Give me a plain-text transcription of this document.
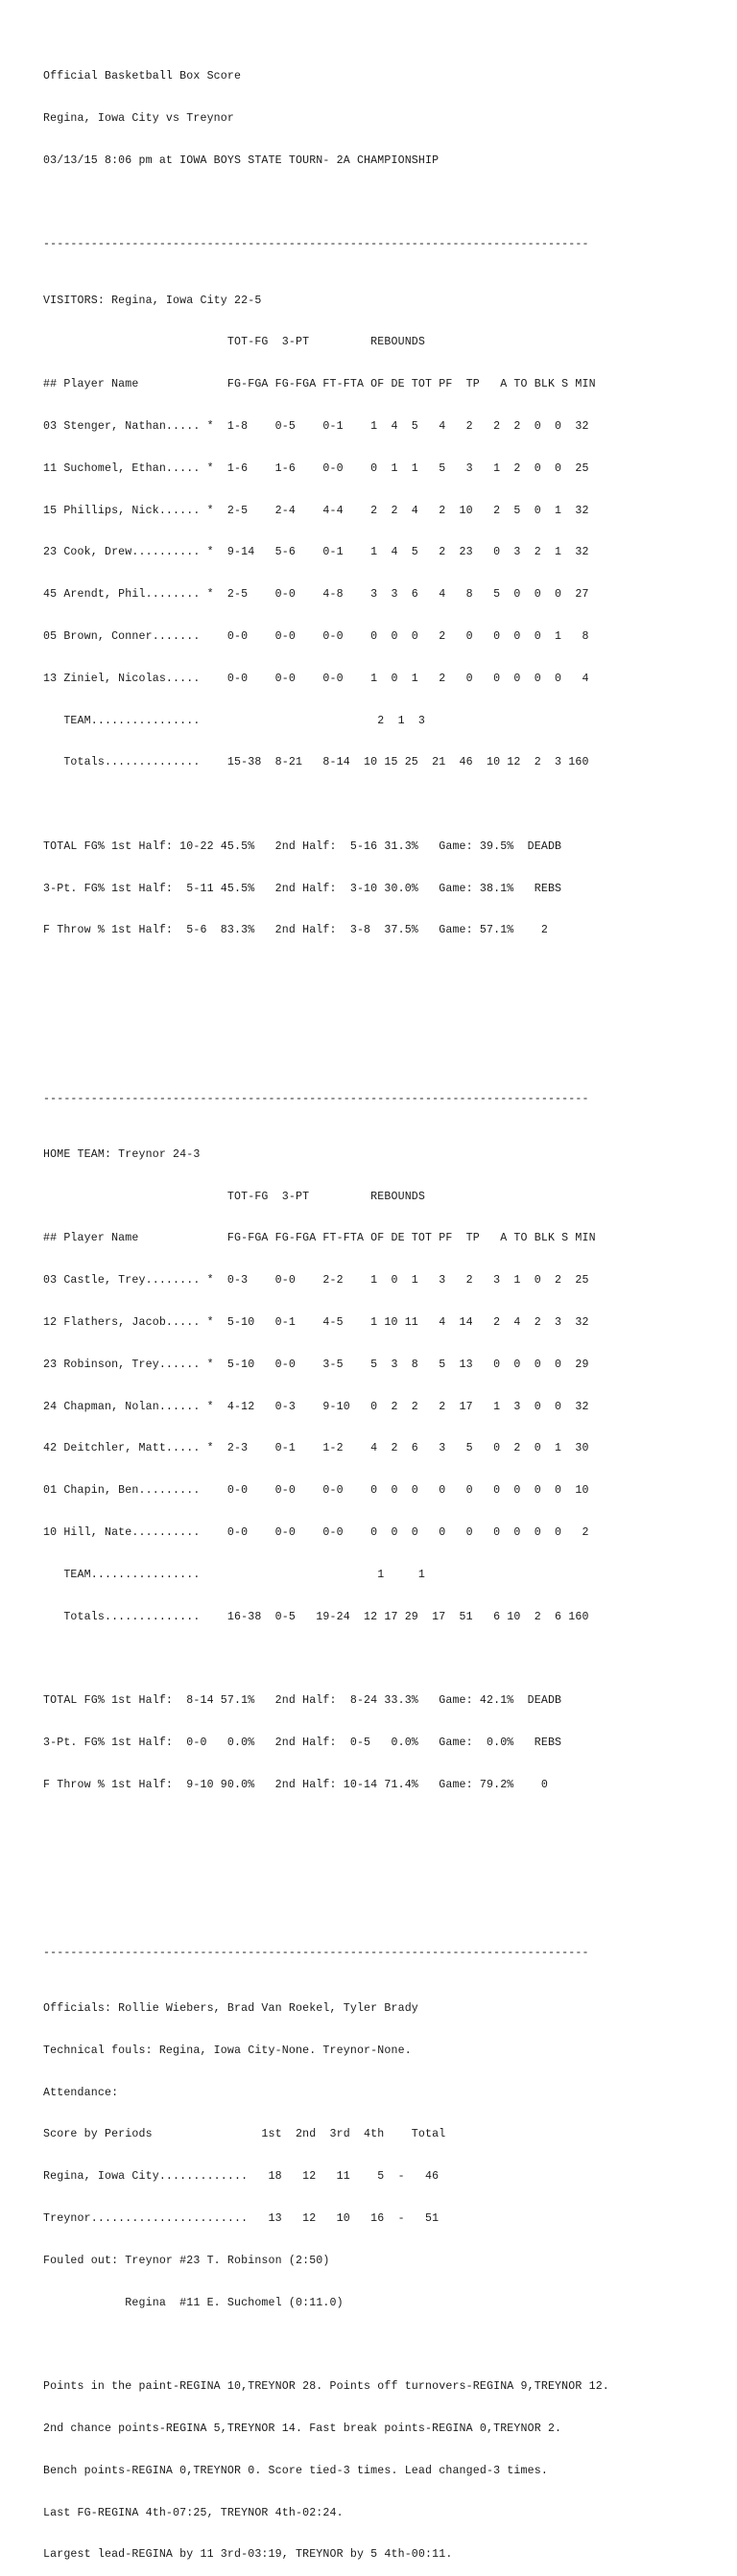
Official Basketball Box Score

Regina, Iowa City vs Treynor

03/13/15 8:06 pm at IOWA BOYS STATE TOURN- 2A CHAMPIONSHIP

--------------------------------------------------------------------------------

VISITORS: Regina, Iowa City 22-5

TOT-FG  3-PT         REBOUNDS

## Player Name             FG-FGA FG-FGA FT-FTA OF DE TOT PF  TP   A TO BLK S MIN

03 Stenger, Nathan..... *  1-8    0-5    0-1    1  4  5   4   2   2  2  0  0  32

11 Suchomel, Ethan..... *  1-6    1-6    0-0    0  1  1   5   3   1  2  0  0  25

15 Phillips, Nick...... *  2-5    2-4    4-4    2  2  4   2  10   2  5  0  1  32

23 Cook, Drew.......... *  9-14   5-6    0-1    1  4  5   2  23   0  3  2  1  32

45 Arendt, Phil........ *  2-5    0-0    4-8    3  3  6   4   8   5  0  0  0  27

05 Brown, Conner.......    0-0    0-0    0-0    0  0  0   2   0   0  0  0  1   8

13 Ziniel, Nicolas.....    0-0    0-0    0-0    1  0  1   2   0   0  0  0  0   4

TEAM................                          2  1  3

Totals..............    15-38  8-21   8-14  10 15 25  21  46  10 12  2  3 160

TOTAL FG% 1st Half: 10-22 45.5%   2nd Half:  5-16 31.3%   Game: 39.5%  DEADB

3-Pt. FG% 1st Half:  5-11 45.5%   2nd Half:  3-10 30.0%   Game: 38.1%   REBS

F Throw % 1st Half:  5-6  83.3%   2nd Half:  3-8  37.5%   Game: 57.1%    2

--------------------------------------------------------------------------------

HOME TEAM: Treynor 24-3

TOT-FG  3-PT         REBOUNDS

## Player Name             FG-FGA FG-FGA FT-FTA OF DE TOT PF  TP   A TO BLK S MIN

03 Castle, Trey........ *  0-3    0-0    2-2    1  0  1   3   2   3  1  0  2  25

12 Flathers, Jacob..... *  5-10   0-1    4-5    1 10 11   4  14   2  4  2  3  32

23 Robinson, Trey...... *  5-10   0-0    3-5    5  3  8   5  13   0  0  0  0  29

24 Chapman, Nolan...... *  4-12   0-3    9-10   0  2  2   2  17   1  3  0  0  32

42 Deitchler, Matt..... *  2-3    0-1    1-2    4  2  6   3   5   0  2  0  1  30

01 Chapin, Ben.........    0-0    0-0    0-0    0  0  0   0   0   0  0  0  0  10

10 Hill, Nate..........    0-0    0-0    0-0    0  0  0   0   0   0  0  0  0   2

TEAM................                          1     1

Totals..............    16-38  0-5   19-24  12 17 29  17  51   6 10  2  6 160

TOTAL FG% 1st Half:  8-14 57.1%   2nd Half:  8-24 33.3%   Game: 42.1%  DEADB

3-Pt. FG% 1st Half:  0-0   0.0%   2nd Half:  0-5   0.0%   Game:  0.0%   REBS

F Throw % 1st Half:  9-10 90.0%   2nd Half: 10-14 71.4%   Game: 79.2%    0

--------------------------------------------------------------------------------

Officials: Rollie Wiebers, Brad Van Roekel, Tyler Brady

Technical fouls: Regina, Iowa City-None. Treynor-None.

Attendance:

Score by Periods                1st  2nd  3rd  4th    Total

Regina, Iowa City.............   18   12   11    5  -   46

Treynor.......................   13   12   10   16  -   51

Fouled out: Treynor #23 T. Robinson (2:50)

Regina  #11 E. Suchomel (0:11.0)

Points in the paint-REGINA 10,TREYNOR 28. Points off turnovers-REGINA 9,TREYNOR 12.

2nd chance points-REGINA 5,TREYNOR 14. Fast break points-REGINA 0,TREYNOR 2.

Bench points-REGINA 0,TREYNOR 0. Score tied-3 times. Lead changed-3 times.

Last FG-REGINA 4th-07:25, TREYNOR 4th-02:24.

Largest lead-REGINA by 11 3rd-03:19, TREYNOR by 5 4th-00:11.
